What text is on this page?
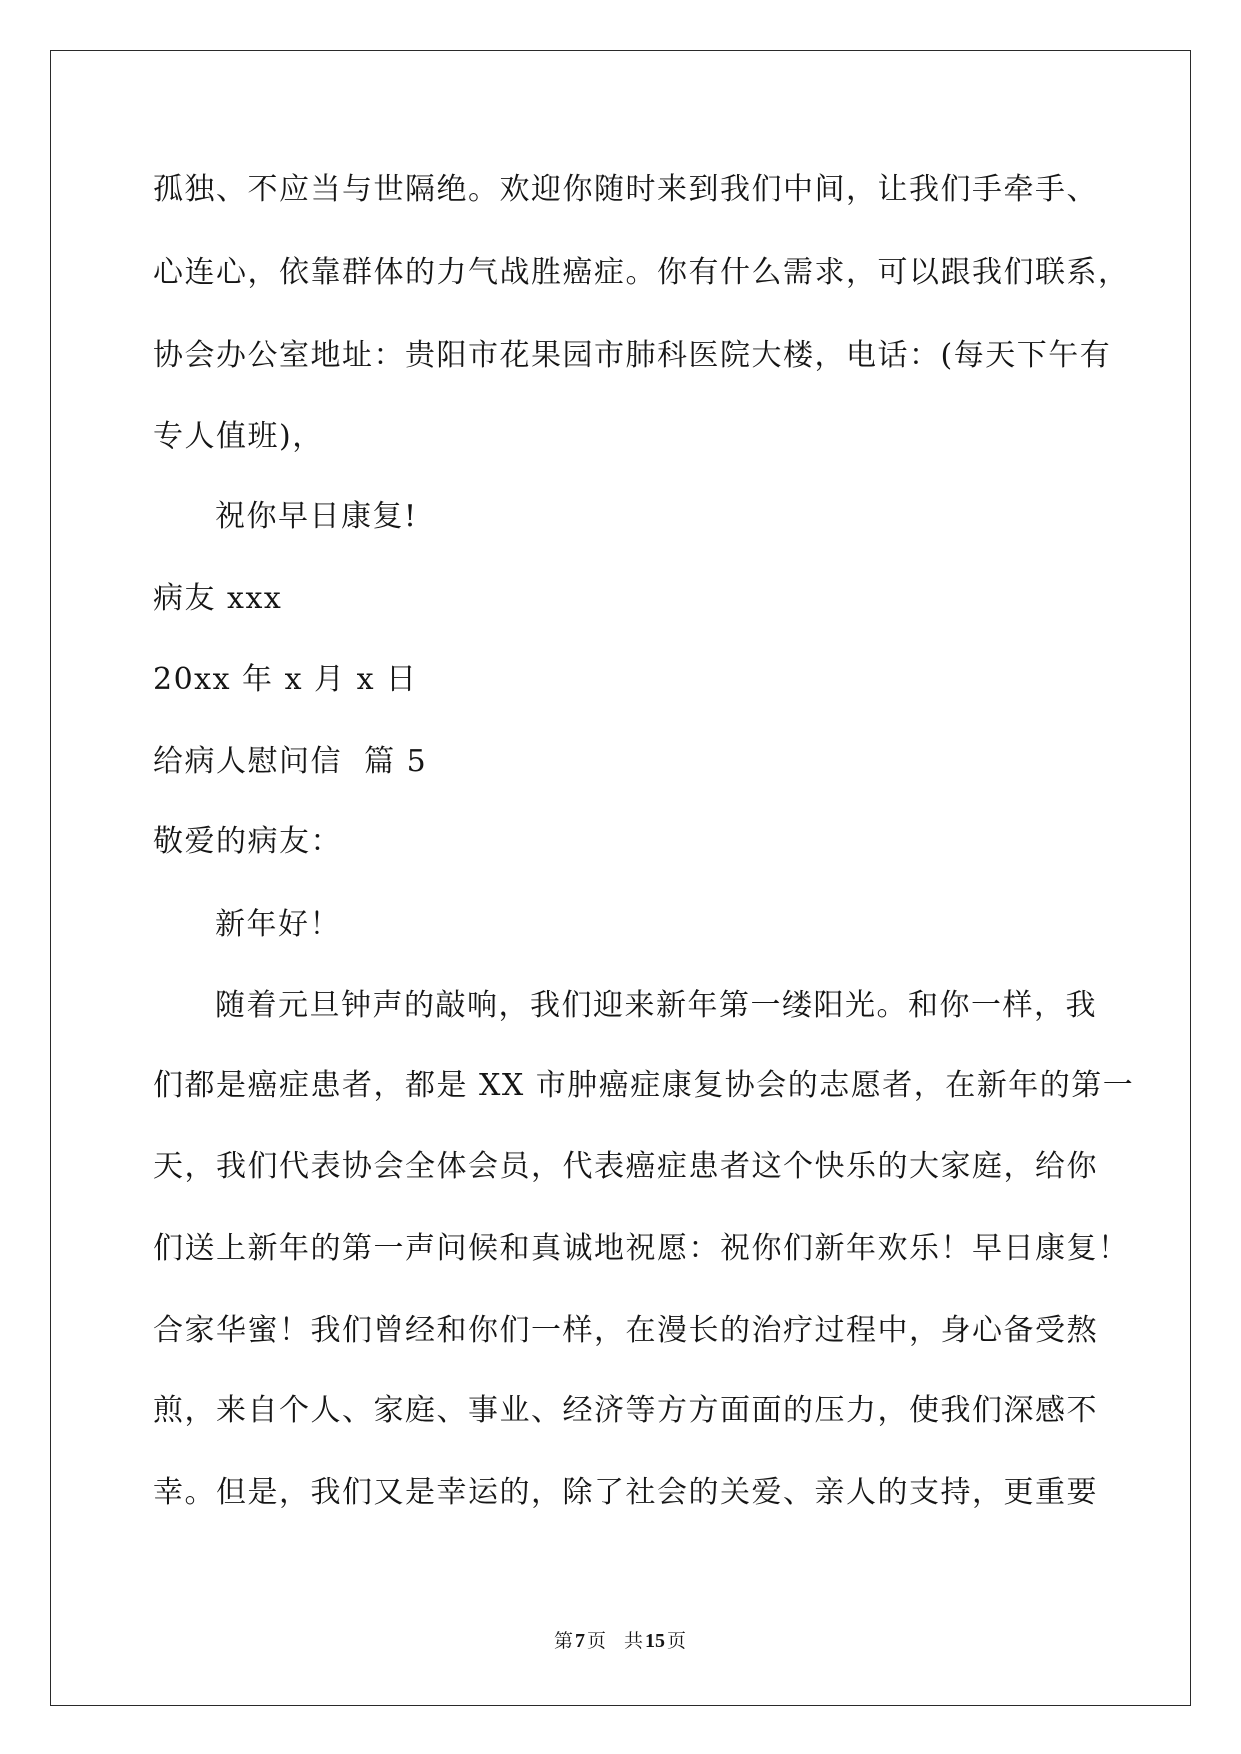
孤独、不应当与世隔绝。欢迎你随时来到我们中间，让我们手牵手、
心连心，依靠群体的力气战胜癌症。你有什么需求，可以跟我们联系，
协会办公室地址：贵阳市花果园市肺科医院大楼，电话：(每天下午有
专人值班)，
祝你早日康复!
病友 xxx
20xx 年 x 月 x 日
给病人慰问信  篇 5
敬爱的病友：
新年好！
随着元旦钟声的敲响，我们迎来新年第一缕阳光。和你一样，我
们都是癌症患者，都是 XX 市肿癌症康复协会的志愿者，在新年的第一
天，我们代表协会全体会员，代表癌症患者这个快乐的大家庭，给你
们送上新年的第一声问候和真诚地祝愿：祝你们新年欢乐！早日康复！
合家华蜜！我们曾经和你们一样，在漫长的治疗过程中，身心备受熬
煎，来自个人、家庭、事业、经济等方方面面的压力，使我们深感不
幸。但是，我们又是幸运的，除了社会的关爱、亲人的支持，更重要
第 7 页 共 15 页
